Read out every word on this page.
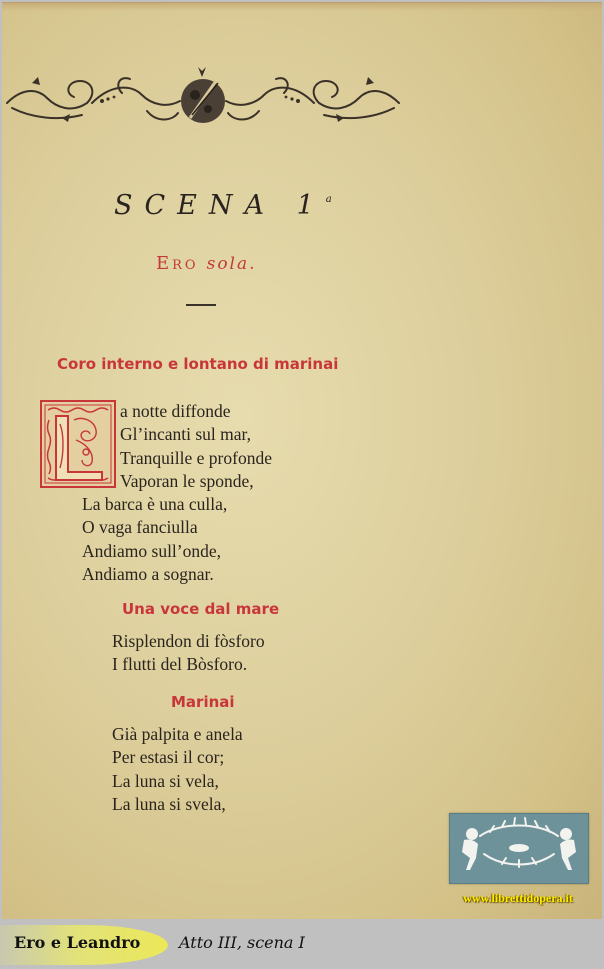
SCENA 1$^a$
Ero sola.
Coro interno e lontano di marinai
a notte diffonde
Gl’incanti sul mar,
Tranquille e profonde
Vaporan le sponde,
La barca è una culla,
O vaga fanciulla
Andiamo sull’onde,
Andiamo a sognar.
Una voce dal mare
Risplendon di fòsforo
I flutti del Bòsforo.
Marinai
Già palpita e anela
Per estasi il cor;
La luna si vela,
La luna si svela,
www.librettidopera.it
Ero e Leandro Atto III, scena I
